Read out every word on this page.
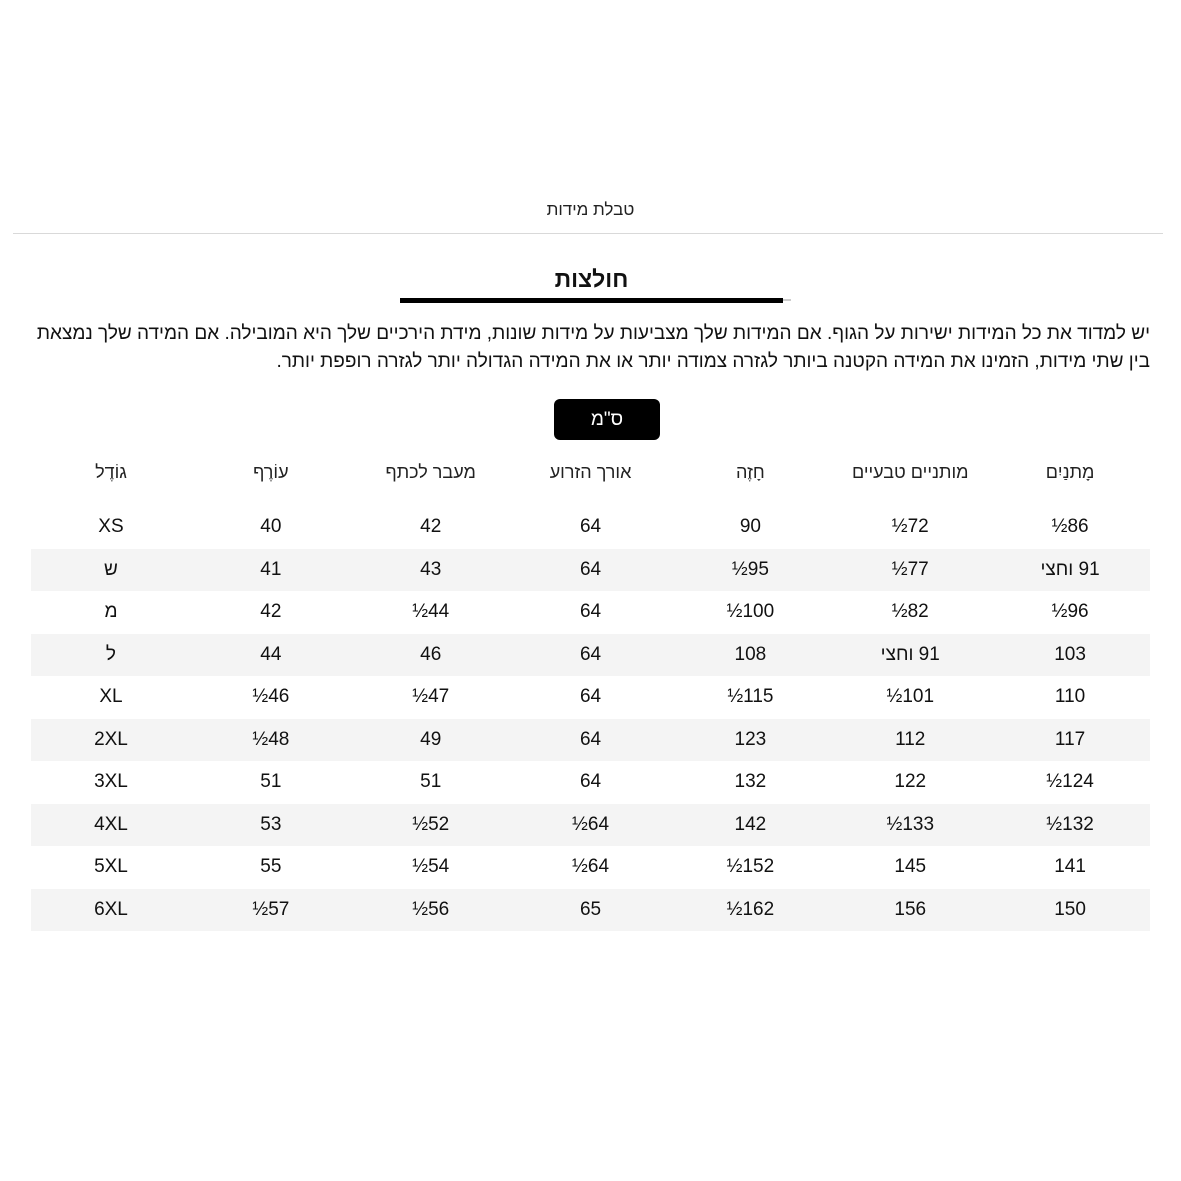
טבלת מידות
חולצות
יש למדוד את כל המידות ישירות על הגוף. אם המידות שלך מצביעות על מידות שונות, מידת הירכיים שלך היא המובילה. אם המידה שלך נמצאת
בין שתי מידות, הזמינו את המידה הקטנה ביותר לגזרה צמודה יותר או את המידה הגדולה יותר לגזרה רופפת יותר.
ס"מ
מָתנַיִם	מותניים טבעיים	חָזֶה	אורך הזרוע	מעבר לכתף	עוֹרֶף	גוֹדֶל
86½	72½	90	64	42	40	XS
91 וחצי	77½	95½	64	43	41	ש
96½	82½	100½	64	44½	42	מ
103	91 וחצי	108	64	46	44	ל
110	101½	115½	64	47½	46½	XL
117	112	123	64	49	48½	2XL
124½	122	132	64	51	51	3XL
132½	133½	142	64½	52½	53	4XL
141	145	152½	64½	54½	55	5XL
150	156	162½	65	56½	57½	6XL
